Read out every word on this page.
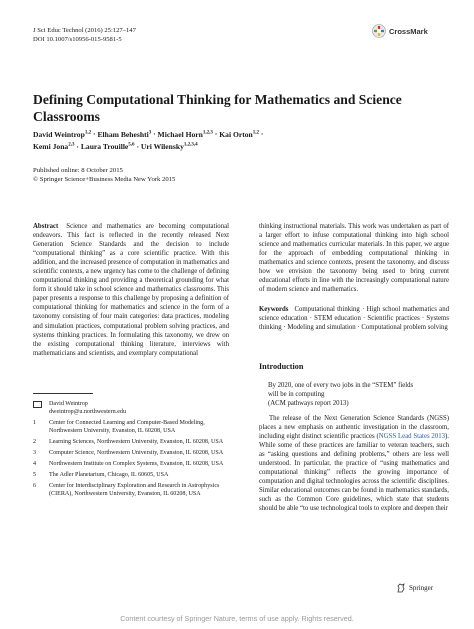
J Sci Educ Technol (2016) 25:127–147
DOI 10.1007/s10956-015-9581-5
CrossMark
Defining Computational Thinking for Mathematics and Science Classrooms
David Weintrop$^{1,2}$ · Elham Beheshti$^3$ · Michael Horn$^{1,2,3}$ · Kai Orton$^{1,2}$ ·
Kemi Jona$^{2,3}$ · Laura Trouille$^{5,6}$ · Uri Wilensky$^{1,2,3,4}$
Published online: 8 October 2015
© Springer Science+Business Media New York 2015

Abstract Science and mathematics are becoming computational endeavors. This fact is reflected in the recently released Next Generation Science Standards and the decision to include “computational thinking” as a core scientific practice. With this addition, and the increased presence of computation in mathematics and scientific contexts, a new urgency has come to the challenge of defining computational thinking and providing a theoretical grounding for what form it should take in school science and mathematics classrooms. This paper presents a response to this challenge by proposing a definition of computational thinking for mathematics and science in the form of a taxonomy consisting of four main categories: data practices, modeling and simulation practices, computational problem solving practices, and systems thinking practices. In formulating this taxonomy, we drew on the existing computational thinking literature, interviews with mathematicians and scientists, and exemplary computational

thinking instructional materials. This work was undertaken as part of a larger effort to infuse computational thinking into high school science and mathematics curricular materials. In this paper, we argue for the approach of embedding computational thinking in mathematics and science contexts, present the taxonomy, and discuss how we envision the taxonomy being used to bring current educational efforts in line with the increasingly computational nature of modern science and mathematics.

Keywords Computational thinking · High school mathematics and science education · STEM education · Scientific practices · Systems thinking · Modeling and simulation · Computational problem solving

David Weintrop
dweintrop@u.northwestern.edu
1	Center for Connected Learning and Computer-Based Modeling, Northwestern University, Evanston, IL 60208, USA
2	Learning Sciences, Northwestern University, Evanston, IL 60208, USA
3	Computer Science, Northwestern University, Evanston, IL 60208, USA
4	Northwestern Institute on Complex Systems, Evanston, IL 60208, USA
5	The Adler Planetarium, Chicago, IL 60605, USA
6	Center for Interdisciplinary Exploration and Research in Astrophysics (CIERA), Northwestern University, Evanston, IL 60208, USA
Introduction
By 2020, one of every two jobs in the “STEM” fields
will be in computing
(ACM pathways report 2013)

The release of the Next Generation Science Standards (NGSS) places a new emphasis on authentic investigation in the classroom, including eight distinct scientific practices (NGSS Lead States 2013). While some of these practices are familiar to veteran teachers, such as “asking questions and defining problems,” others are less well understood. In particular, the practice of “using mathematics and computational thinking” reflects the growing importance of computation and digital technologies across the scientific disciplines. Similar educational outcomes can be found in mathematics standards, such as the Common Core guidelines, which state that students should be able “to use technological tools to explore and deepen their

Springer
Content courtesy of Springer Nature, terms of use apply. Rights reserved.
